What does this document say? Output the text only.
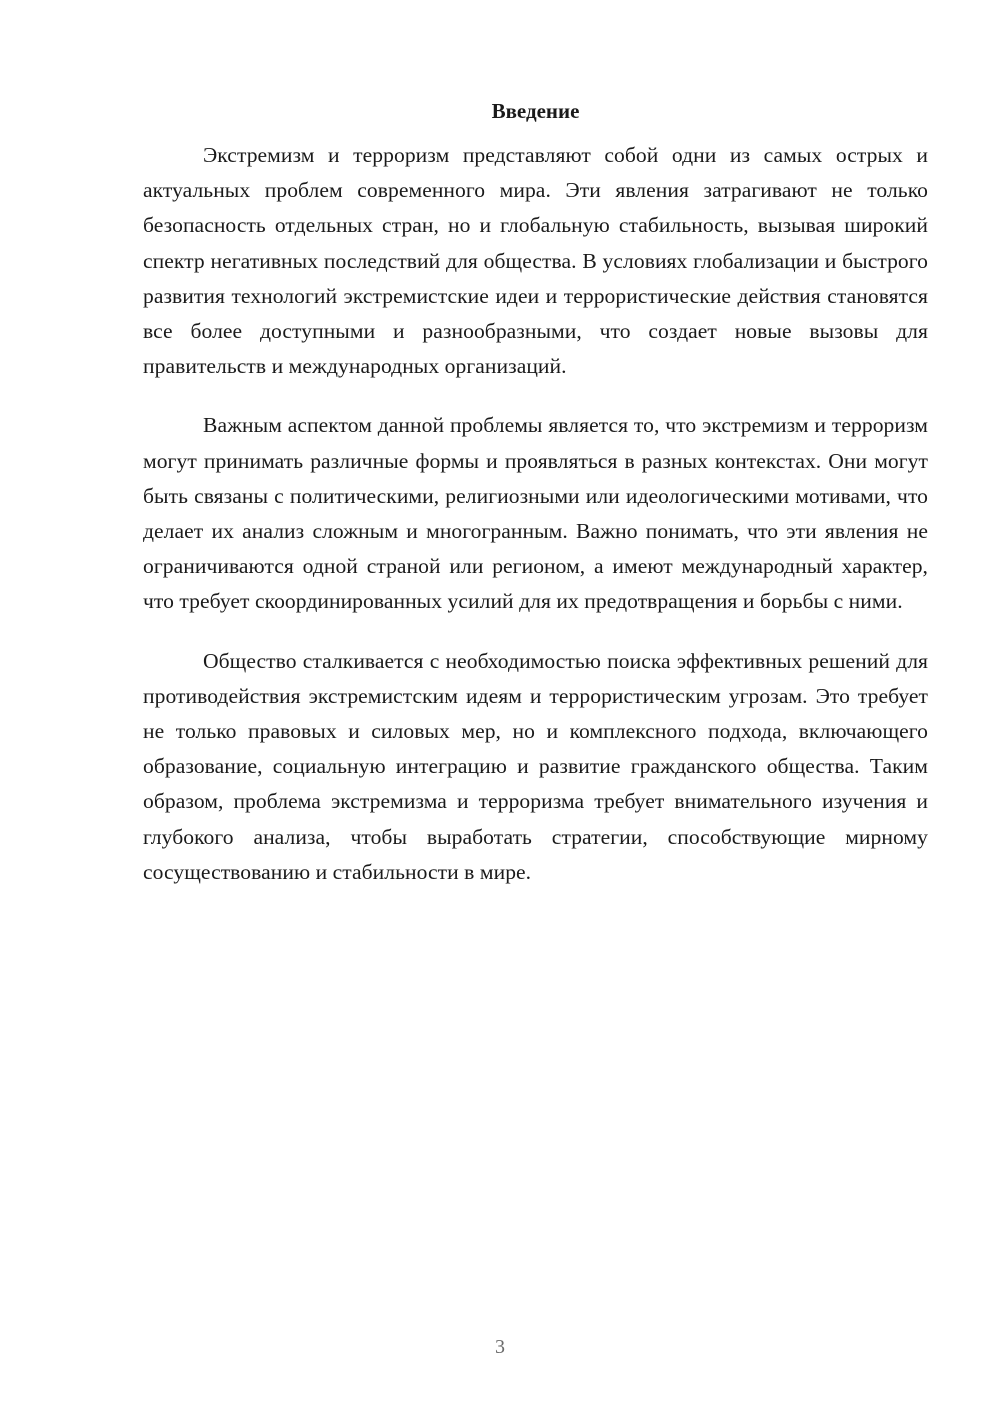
Введение

Экстремизм и терроризм представляют собой одни из самых острых и актуальных проблем современного мира. Эти явления затрагивают не только безопасность отдельных стран, но и глобальную стабильность, вызывая широкий спектр негативных последствий для общества. В условиях глобализации и быстрого развития технологий экстремистские идеи и террористические действия становятся все более доступными и разнообразными, что создает новые вызовы для правительств и международных организаций.

Важным аспектом данной проблемы является то, что экстремизм и терроризм могут принимать различные формы и проявляться в разных контекстах. Они могут быть связаны с политическими, религиозными или идеологическими мотивами, что делает их анализ сложным и многогранным. Важно понимать, что эти явления не ограничиваются одной страной или регионом, а имеют международный характер, что требует скоординированных усилий для их предотвращения и борьбы с ними.

Общество сталкивается с необходимостью поиска эффективных решений для противодействия экстремистским идеям и террористическим угрозам. Это требует не только правовых и силовых мер, но и комплексного подхода, включающего образование, социальную интеграцию и развитие гражданского общества. Таким образом, проблема экстремизма и терроризма требует внимательного изучения и глубокого анализа, чтобы выработать стратегии, способствующие мирному сосуществованию и стабильности в мире.

3
